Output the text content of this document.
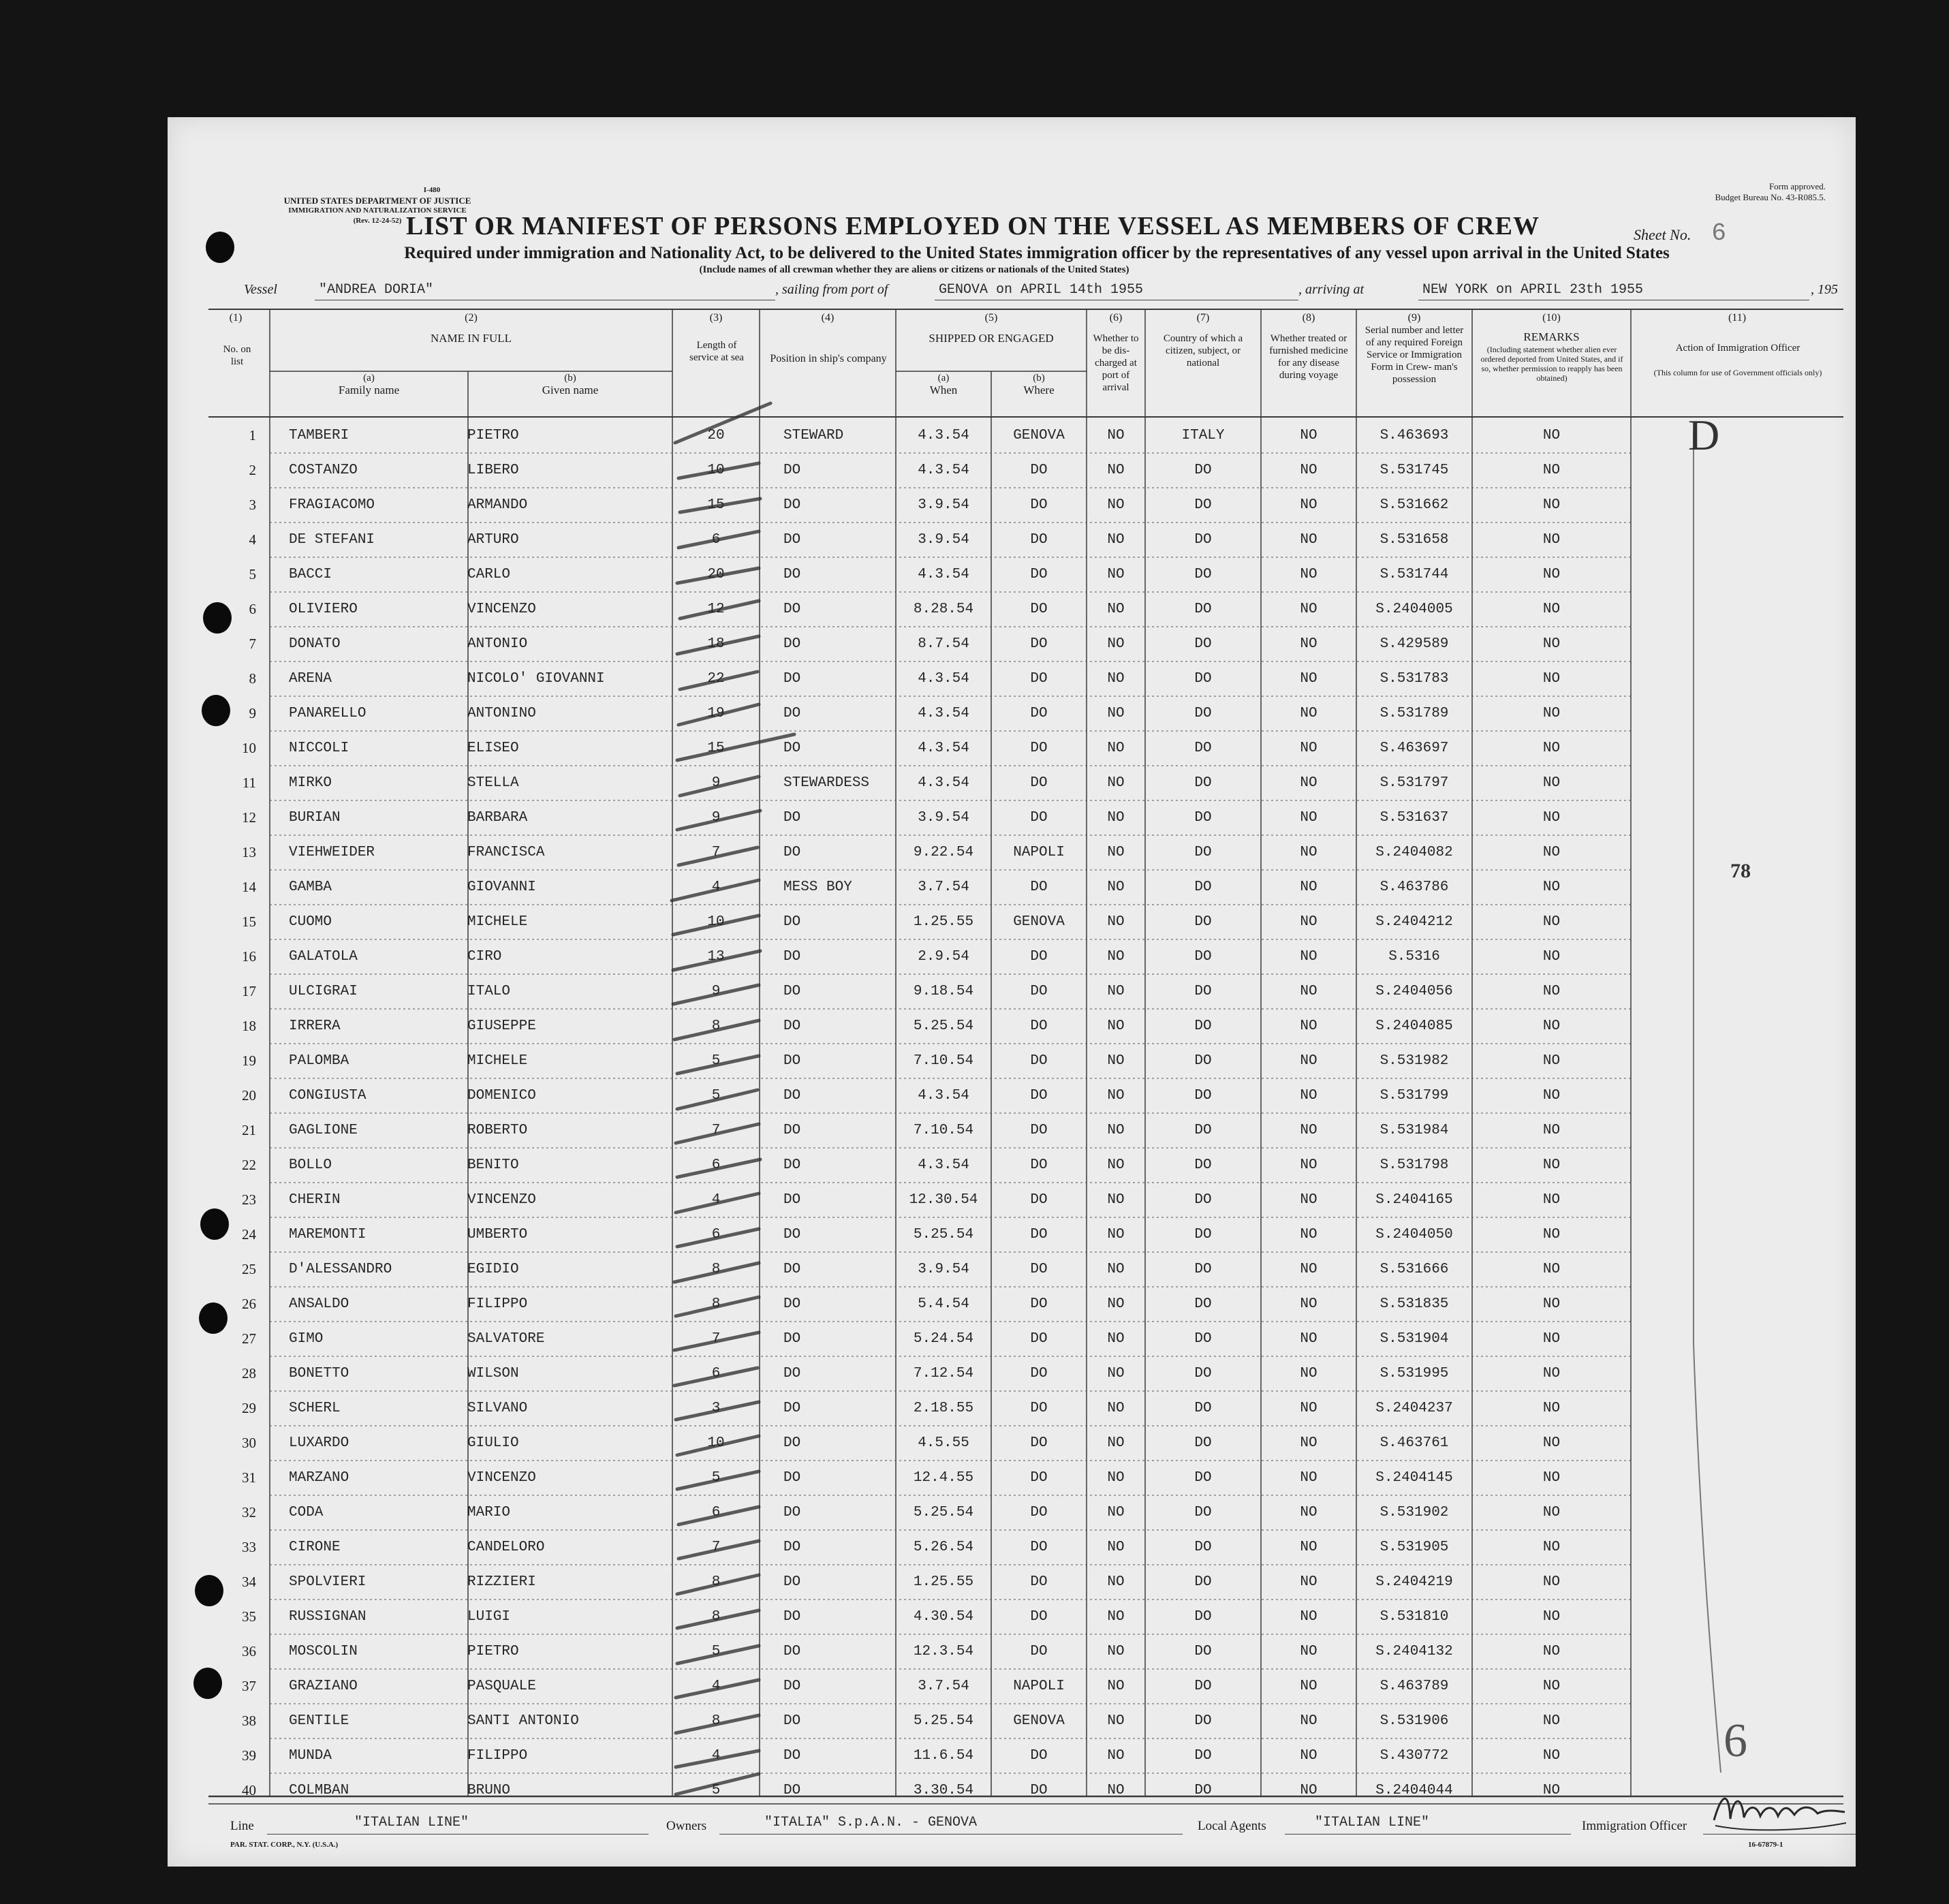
I-480
UNITED STATES DEPARTMENT OF JUSTICE
IMMIGRATION AND NATURALIZATION SERVICE
(Rev. 12-24-52)
Form approved.
Budget Bureau No. 43-R085.5.
LIST OR MANIFEST OF PERSONS EMPLOYED ON THE VESSEL AS MEMBERS OF CREW	Sheet No. 6
Required under immigration and Nationality Act, to be delivered to the United States immigration officer by the representatives of any vessel upon arrival in the United States
(Include names of all crewman whether they are aliens or citizens or nationals of the United States)
Vessel	"ANDREA DORIA"	, sailing from port of	GENOVA on APRIL 14th 1955	, arriving at	NEW YORK on APRIL 23th 1955	, 195
(1)	(2)	(3)	(4)	(5)	(6)	(7)	(8)	(9)	(10)	(11)
No. on list
NAME IN FULL
(a)
Family name
(b)
Given name
Length of service at sea	Position in ship's company
SHIPPED OR ENGAGED
(a)
When
(b)
Where
Whether to be dis- charged at port of arrival
Country of which a citizen, subject, or national
Whether treated or furnished medicine for any disease during voyage
Serial number and letter of any required Foreign Service or Immigration Form in Crew- man's possession
REMARKS
(Including statement whether alien ever ordered deported from United States, and if so, whether permission to reapply has been obtained)
Action of Immigration Officer
(This column for use of Government officials only)
1 TAMBERI	PIETRO	20	STEWARD	4.3.54	GENOVA	NO	ITALY	NO	S.463693	NO
2 COSTANZO	LIBERO	10	DO	4.3.54	DO	NO	DO	NO	S.531745	NO
3 FRAGIACOMO	ARMANDO	15	DO	3.9.54	DO	NO	DO	NO	S.531662	NO
4 DE STEFANI	ARTURO	6	DO	3.9.54	DO	NO	DO	NO	S.531658	NO
5 BACCI	CARLO	20	DO	4.3.54	DO	NO	DO	NO	S.531744	NO
6 OLIVIERO	VINCENZO	12	DO	8.28.54	DO	NO	DO	NO	S.2404005	NO
7 DONATO	ANTONIO	18	DO	8.7.54	DO	NO	DO	NO	S.429589	NO
8 ARENA	NICOLO' GIOVANNI	22	DO	4.3.54	DO	NO	DO	NO	S.531783	NO
9 PANARELLO	ANTONINO	19	DO	4.3.54	DO	NO	DO	NO	S.531789	NO
10 NICCOLI	ELISEO	15	DO	4.3.54	DO	NO	DO	NO	S.463697	NO
11 MIRKO	STELLA	9	STEWARDESS	4.3.54	DO	NO	DO	NO	S.531797	NO
12 BURIAN	BARBARA	9	DO	3.9.54	DO	NO	DO	NO	S.531637	NO
13 VIEHWEIDER	FRANCISCA	7	DO	9.22.54	NAPOLI	NO	DO	NO	S.2404082	NO
14 GAMBA	GIOVANNI	4	MESS BOY	3.7.54	DO	NO	DO	NO	S.463786	NO
15 CUOMO	MICHELE	10	DO	1.25.55	GENOVA	NO	DO	NO	S.2404212	NO
16 GALATOLA	CIRO	13	DO	2.9.54	DO	NO	DO	NO	S.5316	NO
17 ULCIGRAI	ITALO	9	DO	9.18.54	DO	NO	DO	NO	S.2404056	NO
18 IRRERA	GIUSEPPE	8	DO	5.25.54	DO	NO	DO	NO	S.2404085	NO
19 PALOMBA	MICHELE	5	DO	7.10.54	DO	NO	DO	NO	S.531982	NO
20 CONGIUSTA	DOMENICO	5	DO	4.3.54	DO	NO	DO	NO	S.531799	NO
21 GAGLIONE	ROBERTO	7	DO	7.10.54	DO	NO	DO	NO	S.531984	NO
22 BOLLO	BENITO	6	DO	4.3.54	DO	NO	DO	NO	S.531798	NO
23 CHERIN	VINCENZO	4	DO	12.30.54	DO	NO	DO	NO	S.2404165	NO
24 MAREMONTI	UMBERTO	6	DO	5.25.54	DO	NO	DO	NO	S.2404050	NO
25 D'ALESSANDRO	EGIDIO	8	DO	3.9.54	DO	NO	DO	NO	S.531666	NO
26 ANSALDO	FILIPPO	8	DO	5.4.54	DO	NO	DO	NO	S.531835	NO
27 GIMO	SALVATORE	7	DO	5.24.54	DO	NO	DO	NO	S.531904	NO
28 BONETTO	WILSON	6	DO	7.12.54	DO	NO	DO	NO	S.531995	NO
29 SCHERL	SILVANO	3	DO	2.18.55	DO	NO	DO	NO	S.2404237	NO
30 LUXARDO	GIULIO	10	DO	4.5.55	DO	NO	DO	NO	S.463761	NO
31 MARZANO	VINCENZO	5	DO	12.4.55	DO	NO	DO	NO	S.2404145	NO
32 CODA	MARIO	6	DO	5.25.54	DO	NO	DO	NO	S.531902	NO
33 CIRONE	CANDELORO	7	DO	5.26.54	DO	NO	DO	NO	S.531905	NO
34 SPOLVIERI	RIZZIERI	8	DO	1.25.55	DO	NO	DO	NO	S.2404219	NO
35 RUSSIGNAN	LUIGI	8	DO	4.30.54	DO	NO	DO	NO	S.531810	NO
36 MOSCOLIN	PIETRO	5	DO	12.3.54	DO	NO	DO	NO	S.2404132	NO
37 GRAZIANO	PASQUALE	4	DO	3.7.54	NAPOLI	NO	DO	NO	S.463789	NO
38 GENTILE	SANTI ANTONIO	8	DO	5.25.54	GENOVA	NO	DO	NO	S.531906	NO
39 MUNDA	FILIPPO	4	DO	11.6.54	DO	NO	DO	NO	S.430772	NO
40 COLMBAN	BRUNO	5	DO	3.30.54	DO	NO	DO	NO	S.2404044	NO
D
78
6
Line	"ITALIAN LINE"	Owners	"ITALIA" S.p.A.N. - GENOVA	Local Agents	"ITALIAN LINE"	Immigration Officer
PAR. STAT. CORP., N.Y. (U.S.A.)	16-67879-1
